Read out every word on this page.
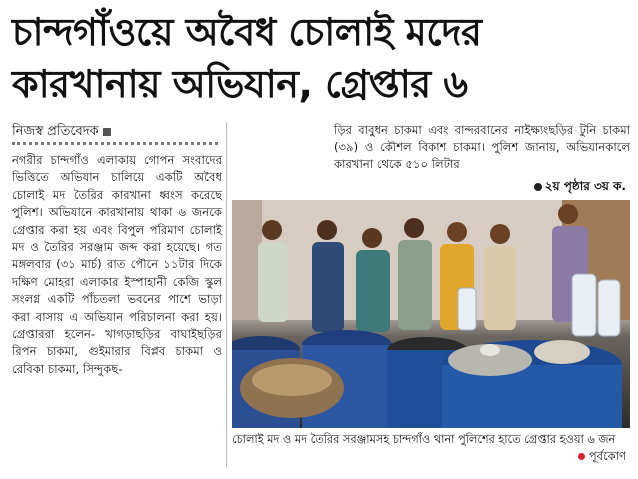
চান্দগাঁওয়ে অবৈধ চোলাই মদের কারখানায় অভিযান, গ্রেপ্তার ৬
নিজস্ব প্রতিবেদক
নগরীর চান্দগাঁও এলাকায় গোপন সংবাদের ভিত্তিতে অভিযান চালিয়ে একটি অবৈধ চোলাই মদ তৈরির কারখানা ধ্বংস করেছে পুলিশ। অভিযানে কারখানায় থাকা ৬ জনকে গ্রেপ্তার করা হয় এবং বিপুল পরিমাণ চোলাই মদ ও তৈরির সরঞ্জাম জব্দ করা হয়েছে। গত মঙ্গলবার (৩১ মার্চ) রাত পৌনে ১১টার দিকে দক্ষিণ মোহরা এলাকার ইস্পাহানী কেজি স্কুল সংলগ্ন একটি পাঁচতলা ভবনের পাশে ভাড়া করা বাসায় এ অভিযান পরিচালনা করা হয়। গ্রেপ্তাররা হলেন- খাগড়াছড়ির বাঘাইছড়ির রিপন চাকমা, গুইমারার বিপ্লব চাকমা ও রেবিকা চাকমা, সিন্দুকছ-
ড়ির বাবুধন চাকমা এবং বান্দরবানের নাইক্ষ্যংছড়ির টুনি চাকমা (৩৯) ও কৌশল বিকাশ চাকমা। পুলিশ জানায়, অভিযানকালে কারখানা থেকে ৫১০ লিটার
২য় পৃষ্ঠার ৩য় ক.
চোলাই মদ ও মদ তৈরির সরঞ্জামসহ চান্দগাঁও থানা পুলিশের হাতে গ্রেপ্তার হওয়া ৬ জন
পূর্বকোণ
